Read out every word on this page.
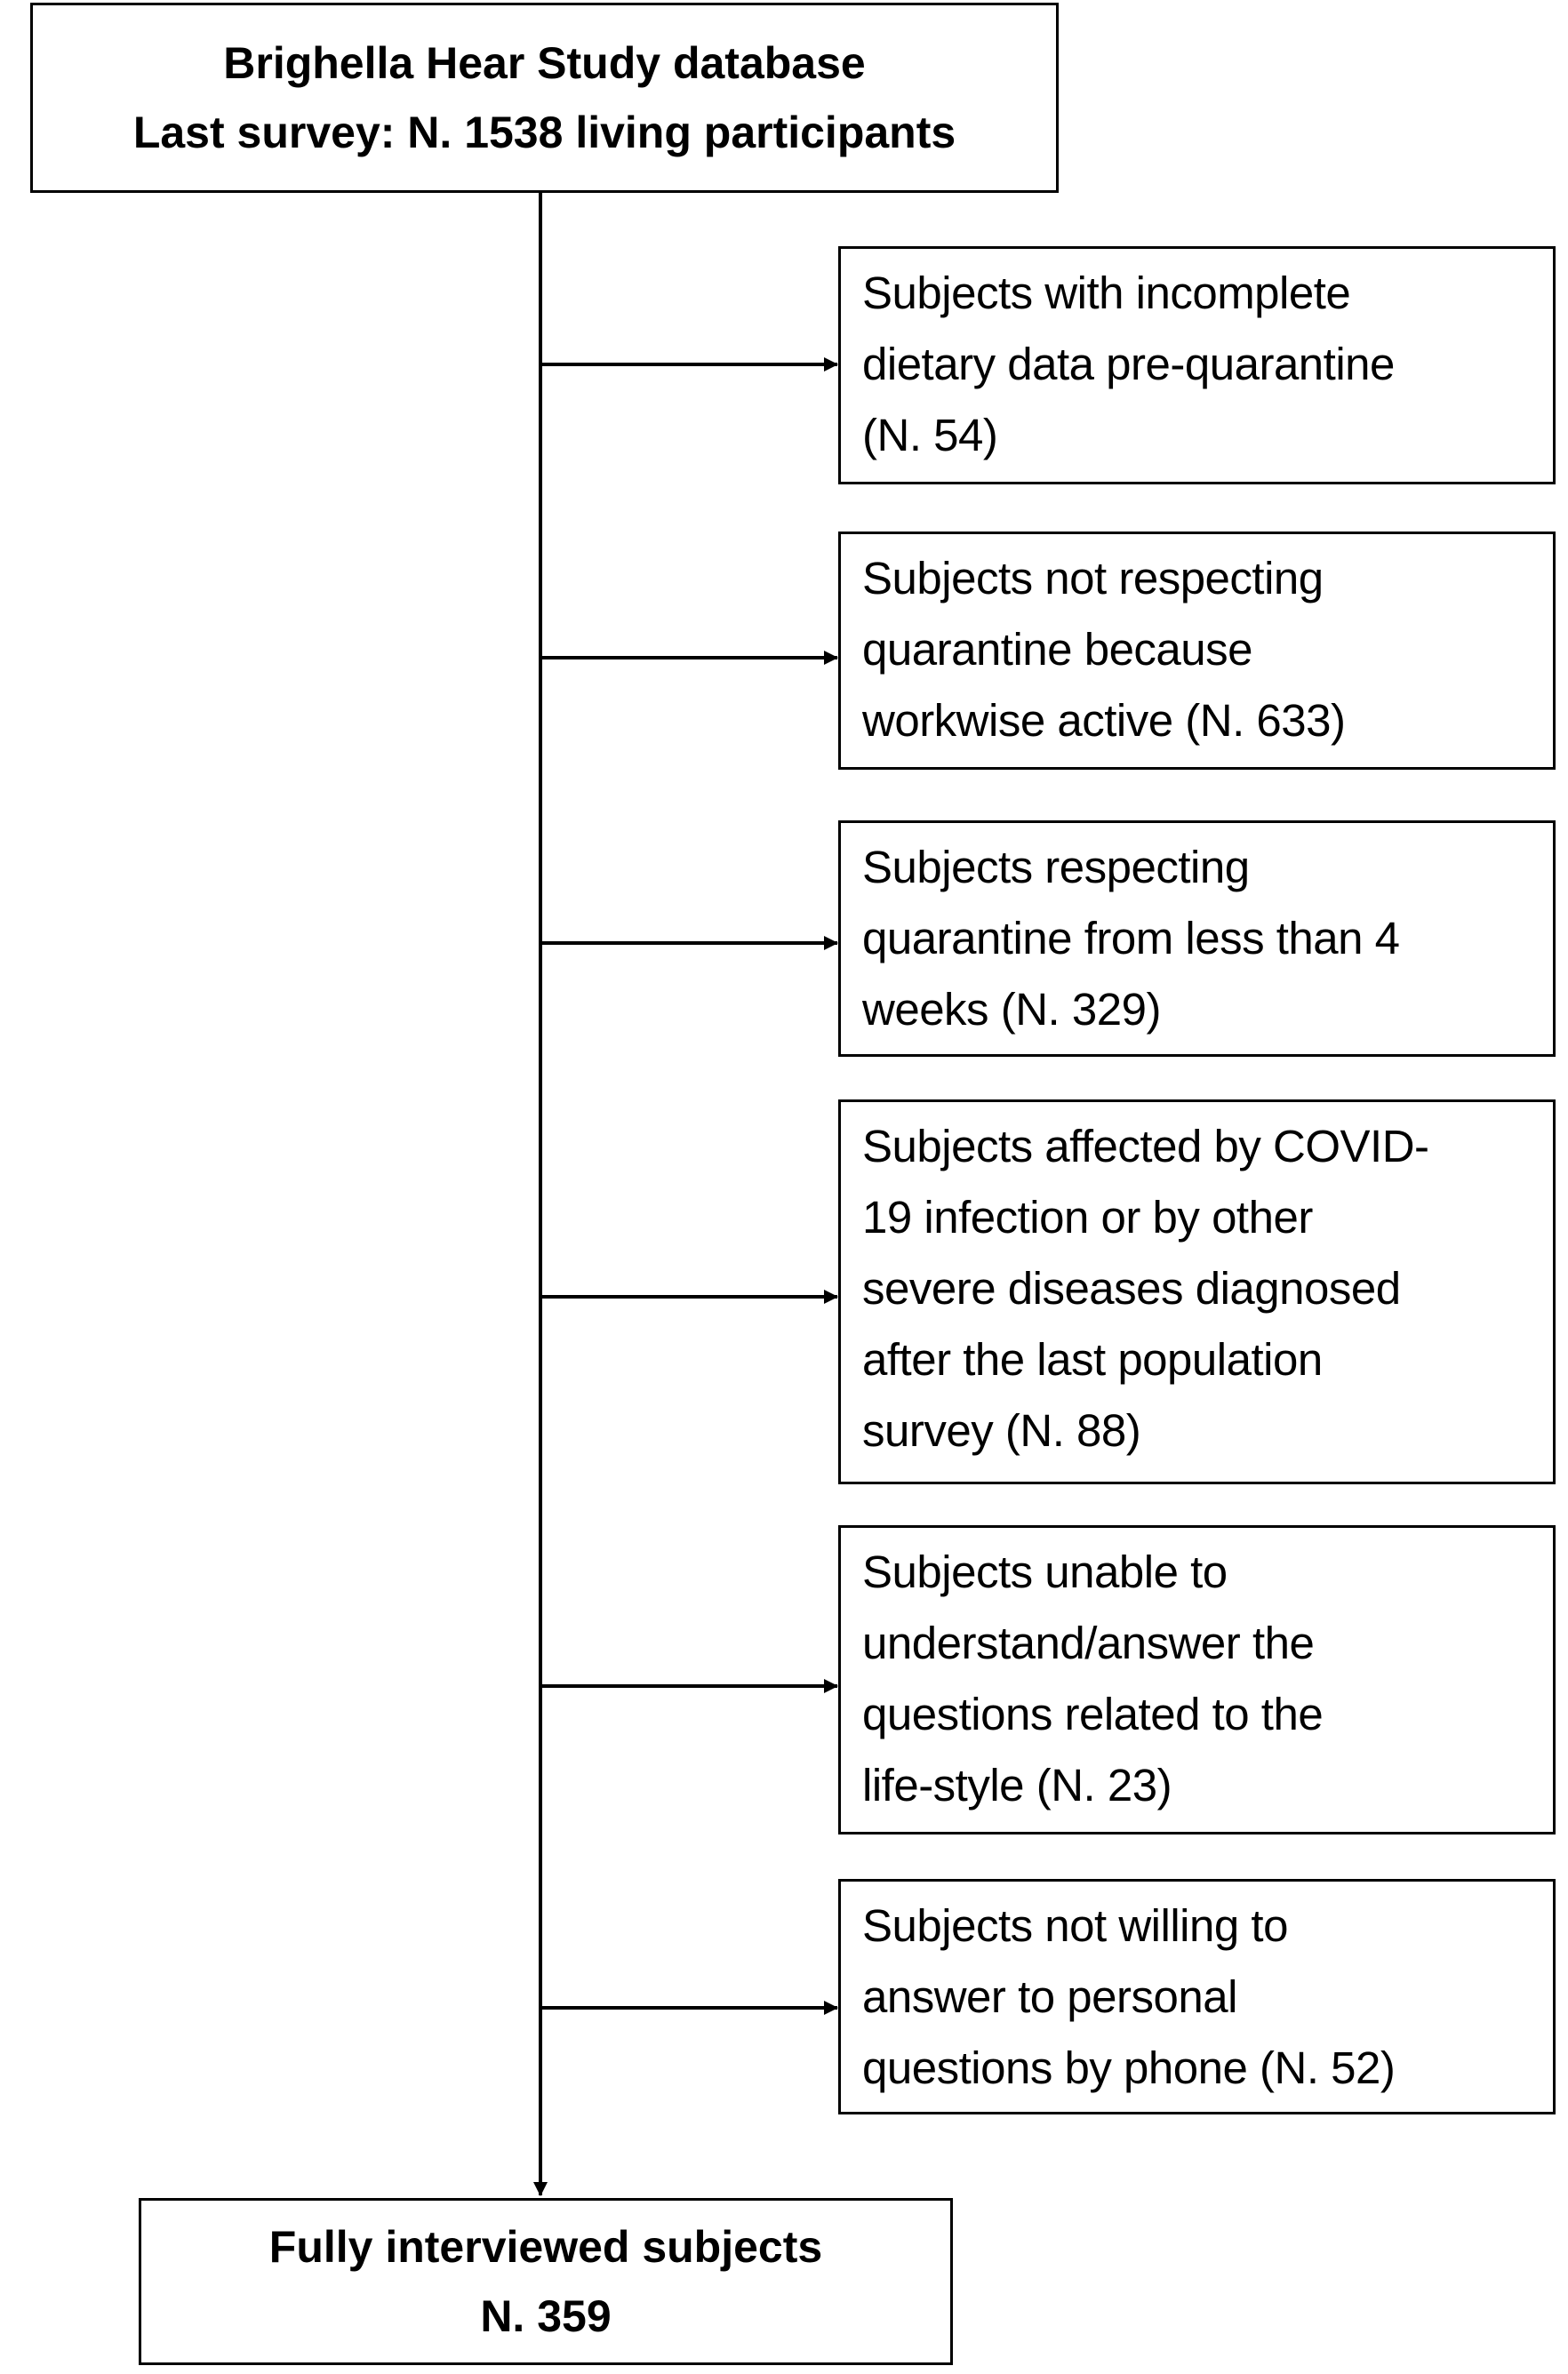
Brighella Hear Study database
Last survey: N. 1538 living participants
Subjects with incomplete
dietary data pre-quarantine
(N. 54)
Subjects not respecting
quarantine because
workwise active (N. 633)
Subjects respecting
quarantine from less than 4
weeks (N. 329)
Subjects affected by COVID-
19 infection or by other
severe diseases diagnosed
after the last population
survey (N. 88)
Subjects unable to
understand/answer the
questions related to the
life-style (N. 23)
Subjects not willing to
answer to personal
questions by phone (N. 52)
Fully interviewed subjects
N. 359
